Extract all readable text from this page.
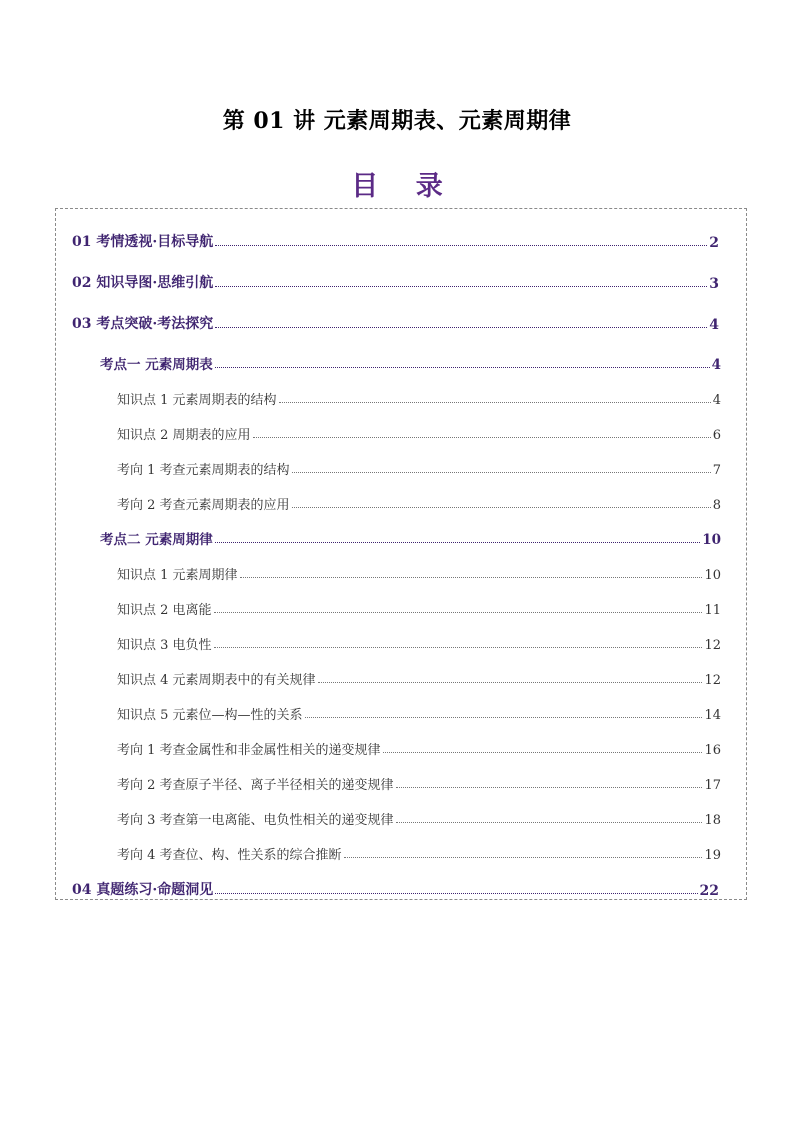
第 01 讲 元素周期表、元素周期律
目 录
01 考情透视·目标导航	2
02 知识导图·思维引航	3
03 考点突破·考法探究	4
考点一 元素周期表	4
知识点 1 元素周期表的结构	4
知识点 2 周期表的应用	6
考向 1 考查元素周期表的结构	7
考向 2 考查元素周期表的应用	8
考点二 元素周期律	10
知识点 1 元素周期律	10
知识点 2 电离能	11
知识点 3 电负性	12
知识点 4 元素周期表中的有关规律	12
知识点 5 元素位—构—性的关系	14
考向 1 考查金属性和非金属性相关的递变规律	16
考向 2 考查原子半径、离子半径相关的递变规律	17
考向 3 考查第一电离能、电负性相关的递变规律	18
考向 4 考查位、构、性关系的综合推断	19
04 真题练习·命题洞见	22
